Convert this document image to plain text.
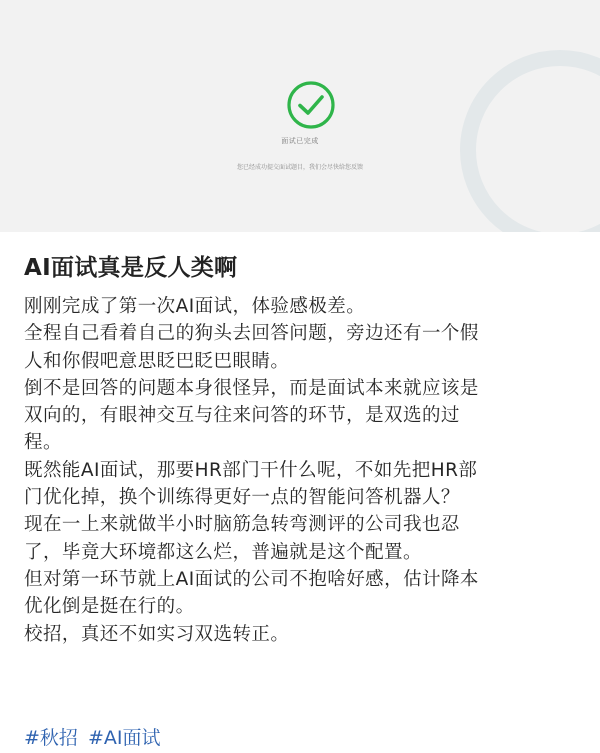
面试已完成
您已经成功提交面试题目，我们会尽快给您反馈
AI面试真是反人类啊
刚刚完成了第一次AI面试，体验感极差。
全程自己看着自己的狗头去回答问题，旁边还有一个假
人和你假吧意思眨巴眨巴眼睛。
倒不是回答的问题本身很怪异，而是面试本来就应该是
双向的，有眼神交互与往来问答的环节，是双选的过
程。
既然能AI面试，那要HR部门干什么呢，不如先把HR部
门优化掉，换个训练得更好一点的智能问答机器人？
现在一上来就做半小时脑筋急转弯测评的公司我也忍
了，毕竟大环境都这么烂，普遍就是这个配置。
但对第一环节就上AI面试的公司不抱啥好感，估计降本
优化倒是挺在行的。
校招，真还不如实习双选转正。
#秋招 #AI面试
